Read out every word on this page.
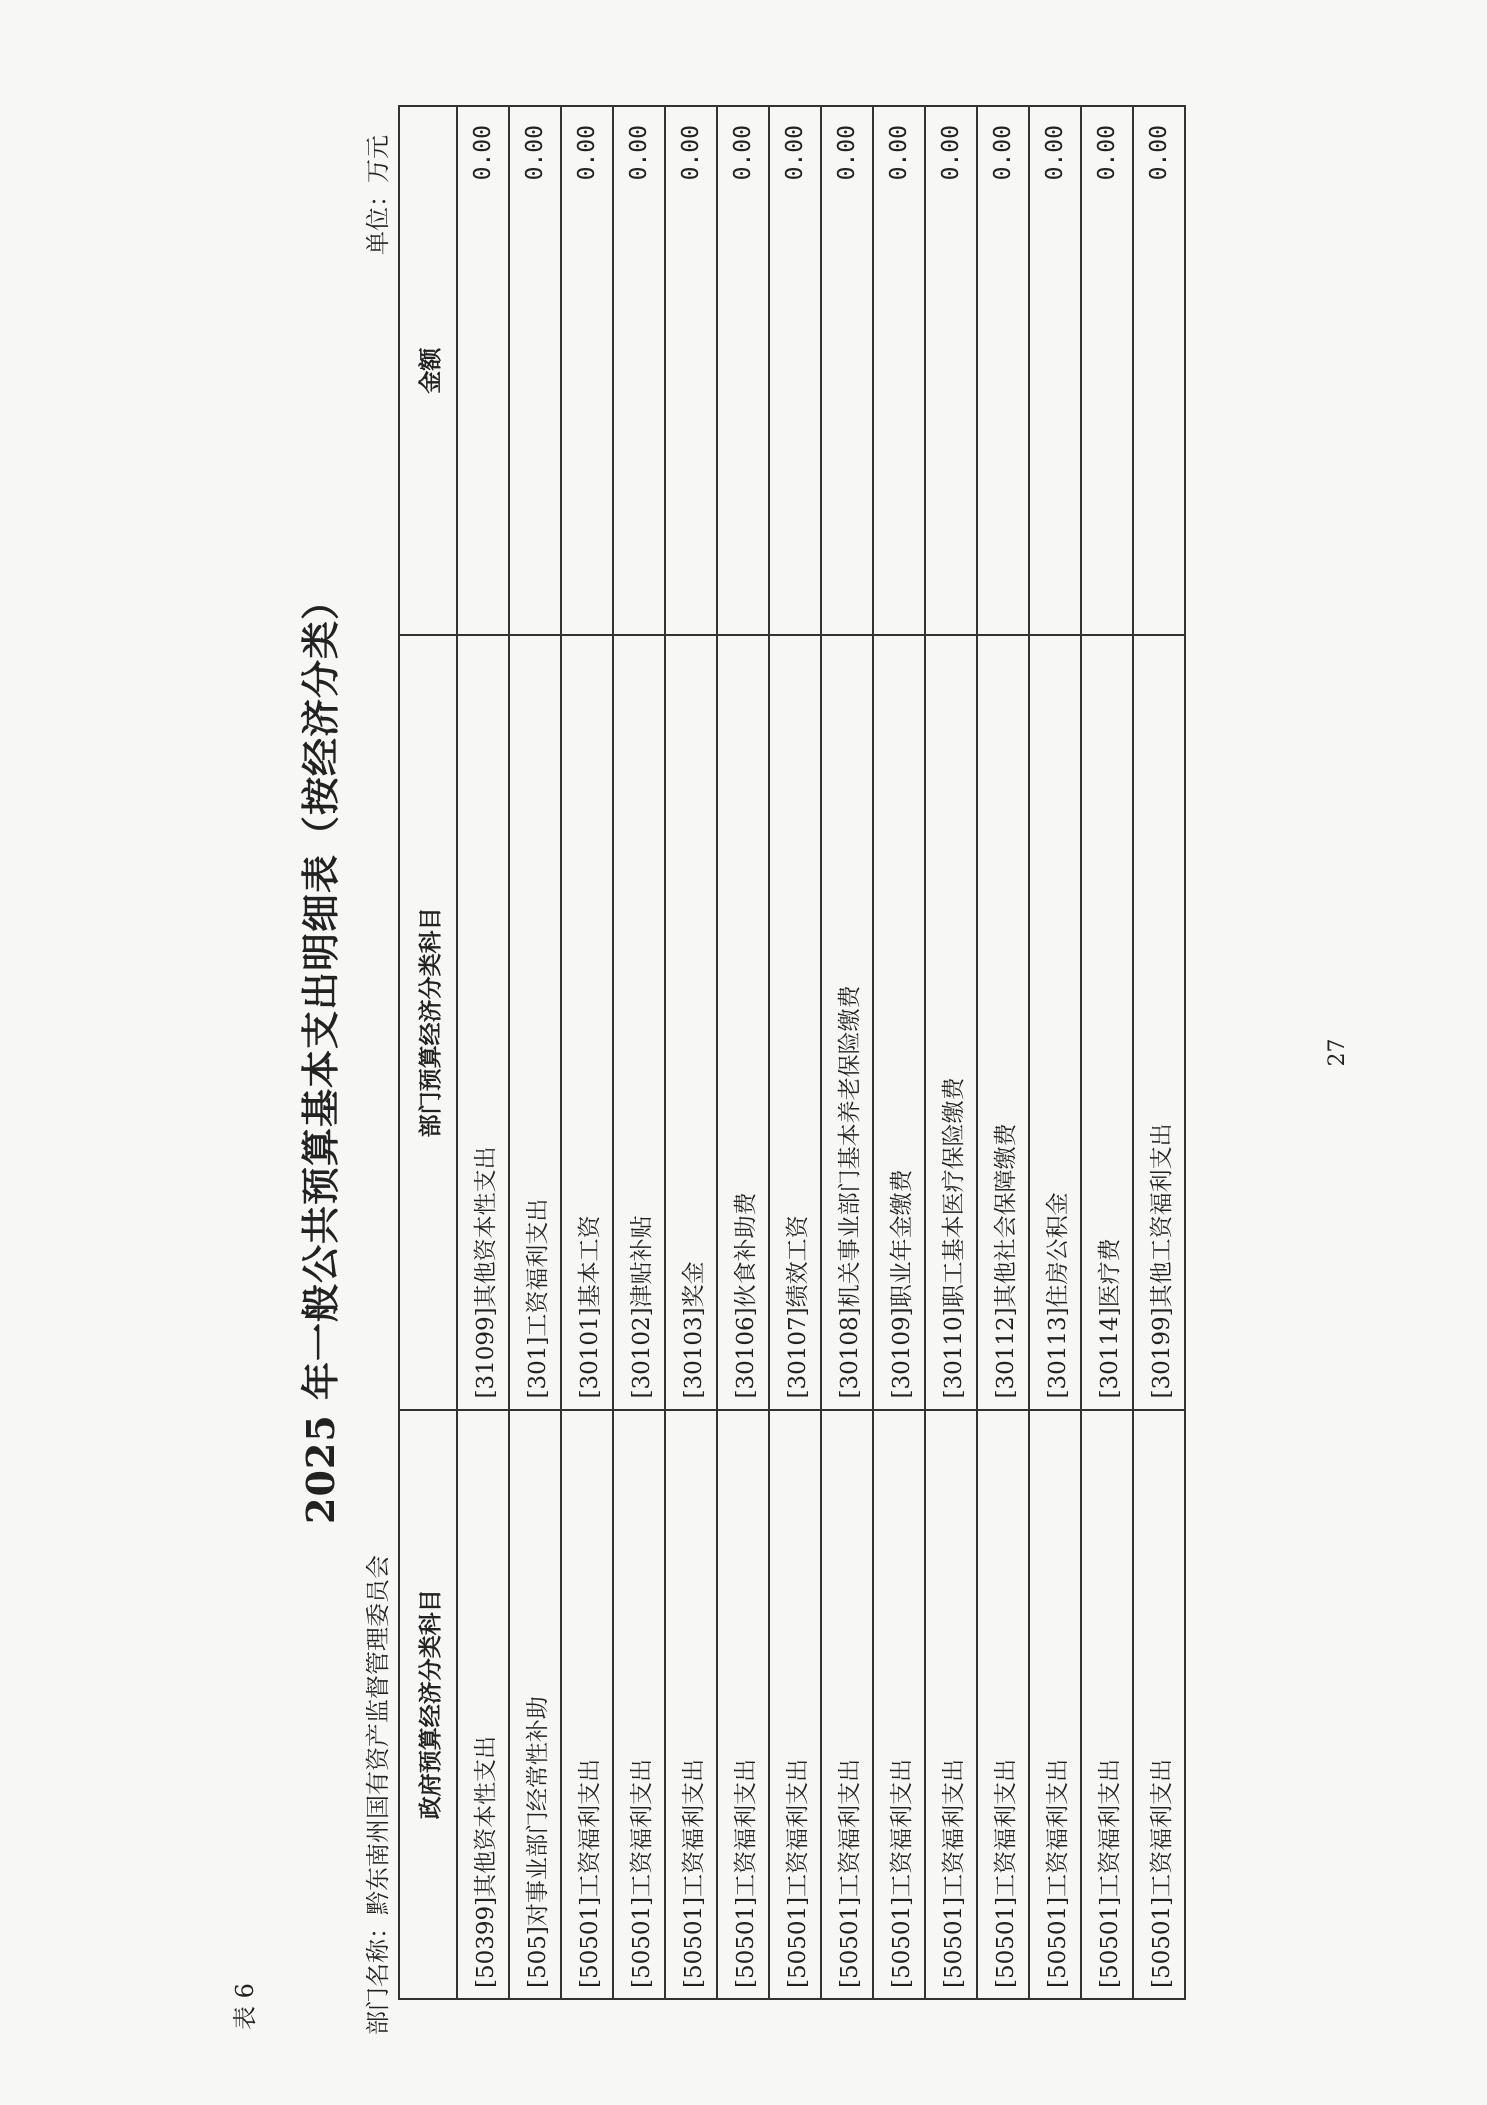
表 6
2025 年一般公共预算基本支出明细表（按经济分类）
部门名称：黔东南州国有资产监督管理委员会
单位：万元
政府预算经济分类科目	部门预算经济分类科目	金额
[50399]其他资本性支出	[31099]其他资本性支出	0.00
[505]对事业部门经常性补助	[301]工资福利支出	0.00
[50501]工资福利支出	[30101]基本工资	0.00
[50501]工资福利支出	[30102]津贴补贴	0.00
[50501]工资福利支出	[30103]奖金	0.00
[50501]工资福利支出	[30106]伙食补助费	0.00
[50501]工资福利支出	[30107]绩效工资	0.00
[50501]工资福利支出	[30108]机关事业部门基本养老保险缴费	0.00
[50501]工资福利支出	[30109]职业年金缴费	0.00
[50501]工资福利支出	[30110]职工基本医疗保险缴费	0.00
[50501]工资福利支出	[30112]其他社会保障缴费	0.00
[50501]工资福利支出	[30113]住房公积金	0.00
[50501]工资福利支出	[30114]医疗费	0.00
[50501]工资福利支出	[30199]其他工资福利支出	0.00
27
